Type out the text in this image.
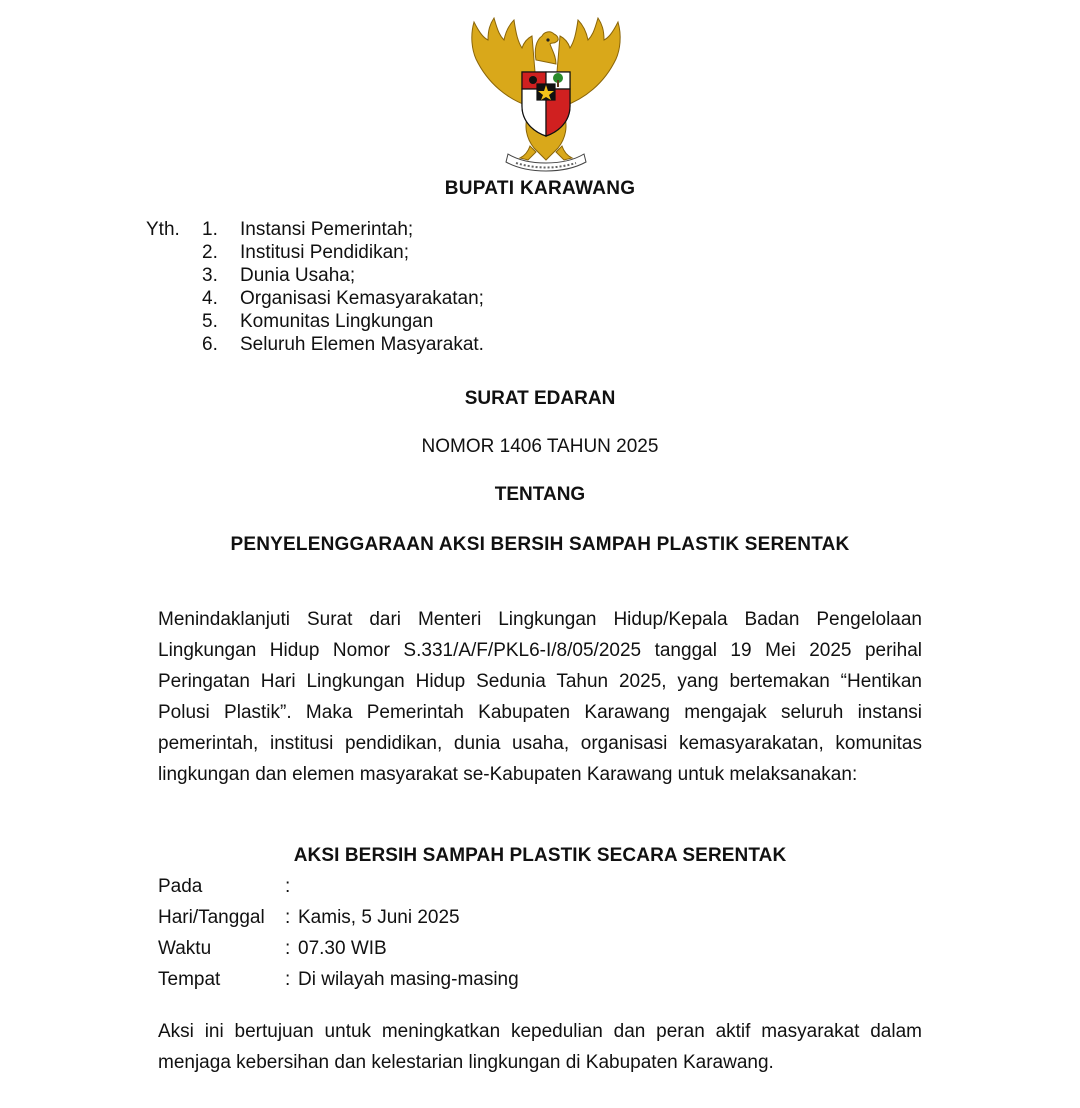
BUPATI KARAWANG
Yth. 1.	Instansi Pemerintah;
2.	Institusi Pendidikan;
3.	Dunia Usaha;
4.	Organisasi Kemasyarakatan;
5.	Komunitas Lingkungan
6.	Seluruh Elemen Masyarakat.
SURAT EDARAN
NOMOR 1406 TAHUN 2025
TENTANG
PENYELENGGARAAN AKSI BERSIH SAMPAH PLASTIK SERENTAK
Menindaklanjuti Surat dari Menteri Lingkungan Hidup/Kepala Badan Pengelolaan Lingkungan Hidup Nomor S.331/A/F/PKL6-I/8/05/2025 tanggal 19 Mei 2025 perihal Peringatan Hari Lingkungan Hidup Sedunia Tahun 2025, yang bertemakan “Hentikan Polusi Plastik”. Maka Pemerintah Kabupaten Karawang mengajak seluruh instansi pemerintah, institusi pendidikan, dunia usaha, organisasi kemasyarakatan, komunitas lingkungan dan elemen masyarakat se-Kabupaten Karawang untuk melaksanakan:
AKSI BERSIH SAMPAH PLASTIK SECARA SERENTAK
Pada	:
Hari/Tanggal : Kamis, 5 Juni 2025
Waktu	: 07.30 WIB
Tempat	: Di wilayah masing-masing
Aksi ini bertujuan untuk meningkatkan kepedulian dan peran aktif masyarakat dalam menjaga kebersihan dan kelestarian lingkungan di Kabupaten Karawang.
